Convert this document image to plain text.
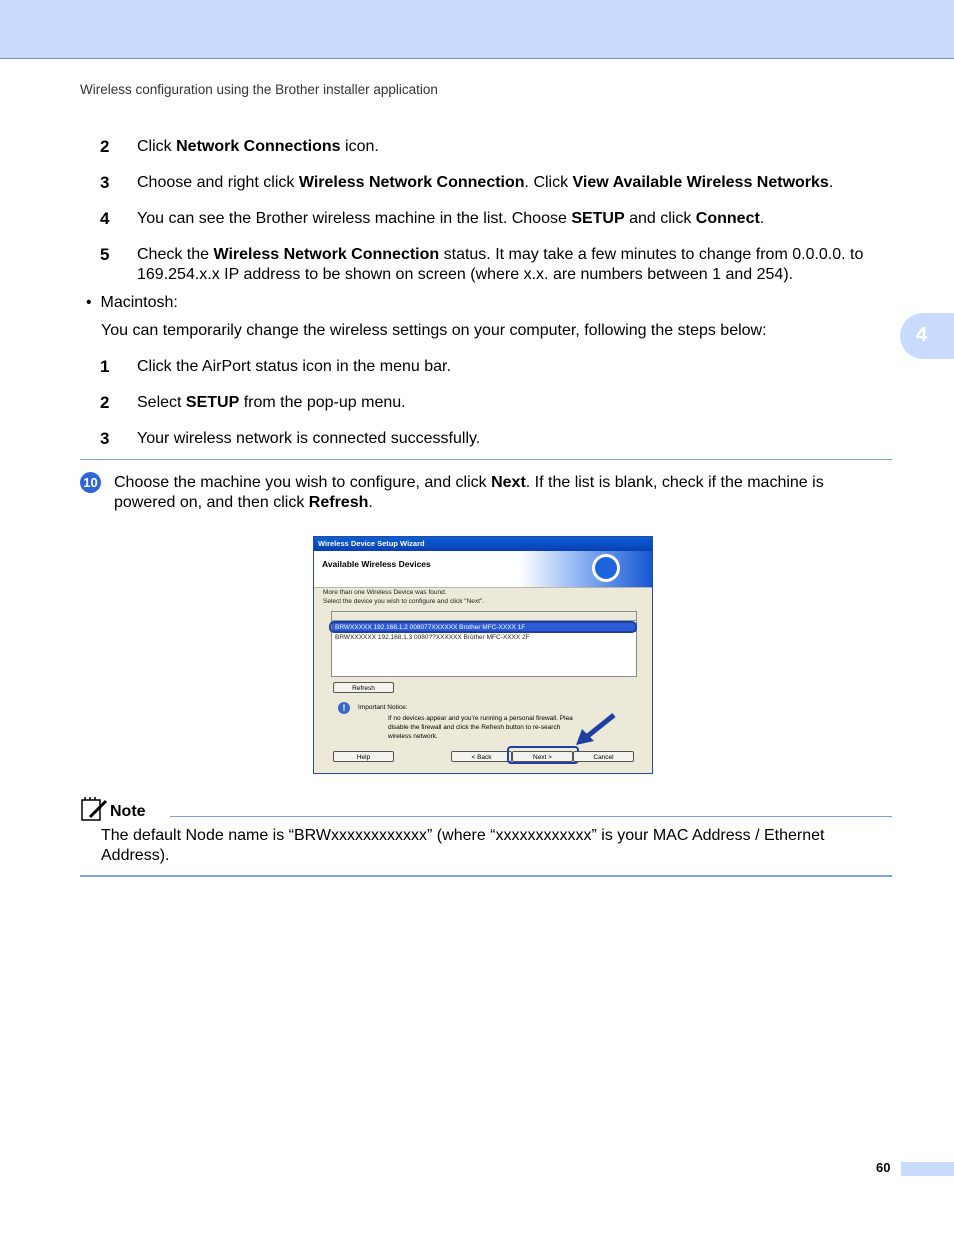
Wireless configuration using the Brother installer application
2 Click Network Connections icon.
3 Choose and right click Wireless Network Connection. Click View Available Wireless Networks.
4 You can see the Brother wireless machine in the list. Choose SETUP and click Connect.
5 Check the Wireless Network Connection status. It may take a few minutes to change from 0.0.0.0. to 169.254.x.x IP address to be shown on screen (where x.x. are numbers between 1 and 254).
•  Macintosh:
You can temporarily change the wireless settings on your computer, following the steps below:	4
1 Click the AirPort status icon in the menu bar.
2 Select SETUP from the pop-up menu.
3 Your wireless network is connected successfully.
10 Choose the machine you wish to configure, and click Next. If the list is blank, check if the machine is powered on, and then click Refresh.
Wireless Device Setup Wizard
Available Wireless Devices
More than one Wireless Device was found.
Select the device you wish to configure and click "Next".
BRWXXXXX 192.168.1.2 008077XXXXXX Brother MFC-XXXX 1F
BRWXXXXXX 192.168.1.3 0080??XXXXXX Brother MFC-XXXX 2F
Refresh
!	Important Notice:
If no devices appear and you're running a personal firewall. Plea
disable the firewall and click the Refresh button to re-search
wireless network.
Help	< Back	Next >	Cancel
Note
The default Node name is “BRWxxxxxxxxxxxx” (where “xxxxxxxxxxxx” is your MAC Address / Ethernet Address).
60
